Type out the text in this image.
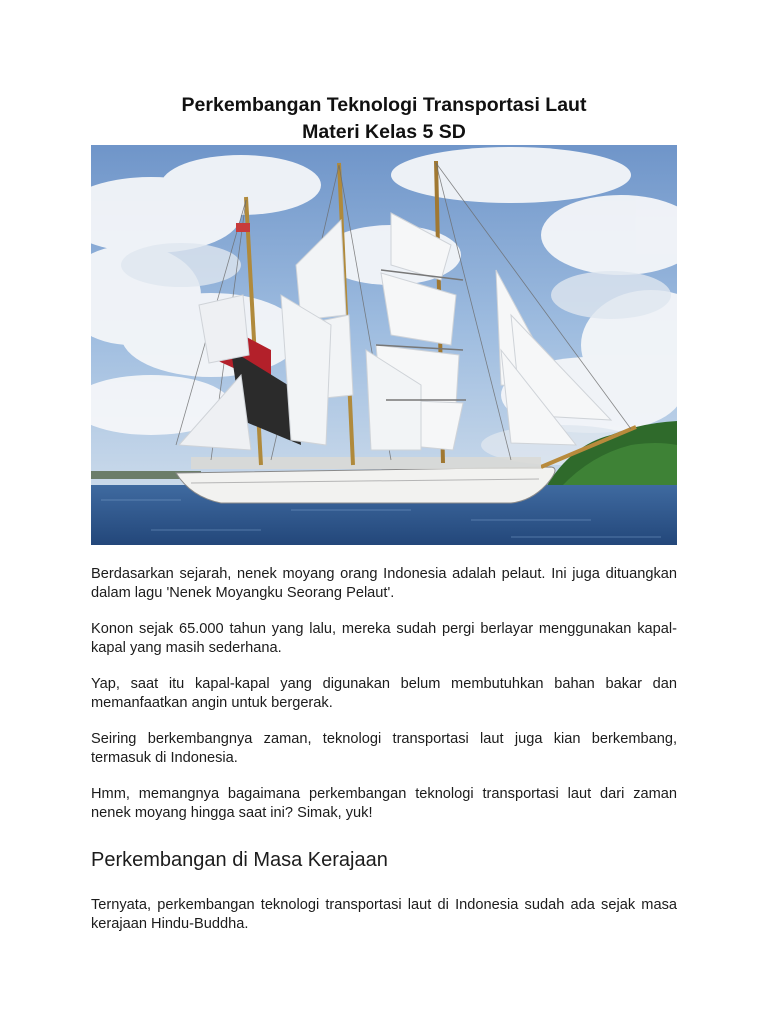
Perkembangan Teknologi Transportasi Laut
Materi Kelas 5 SD

Berdasarkan sejarah, nenek moyang orang Indonesia adalah pelaut. Ini juga dituangkan dalam lagu 'Nenek Moyangku Seorang Pelaut'.

Konon sejak 65.000 tahun yang lalu, mereka sudah pergi berlayar menggunakan kapal-kapal yang masih sederhana.

Yap, saat itu kapal-kapal yang digunakan belum membutuhkan bahan bakar dan memanfaatkan angin untuk bergerak.

Seiring berkembangnya zaman, teknologi transportasi laut juga kian berkembang, termasuk di Indonesia.

Hmm, memangnya bagaimana perkembangan teknologi transportasi laut dari zaman nenek moyang hingga saat ini? Simak, yuk!

Perkembangan di Masa Kerajaan

Ternyata, perkembangan teknologi transportasi laut di Indonesia sudah ada sejak masa kerajaan Hindu-Buddha.
